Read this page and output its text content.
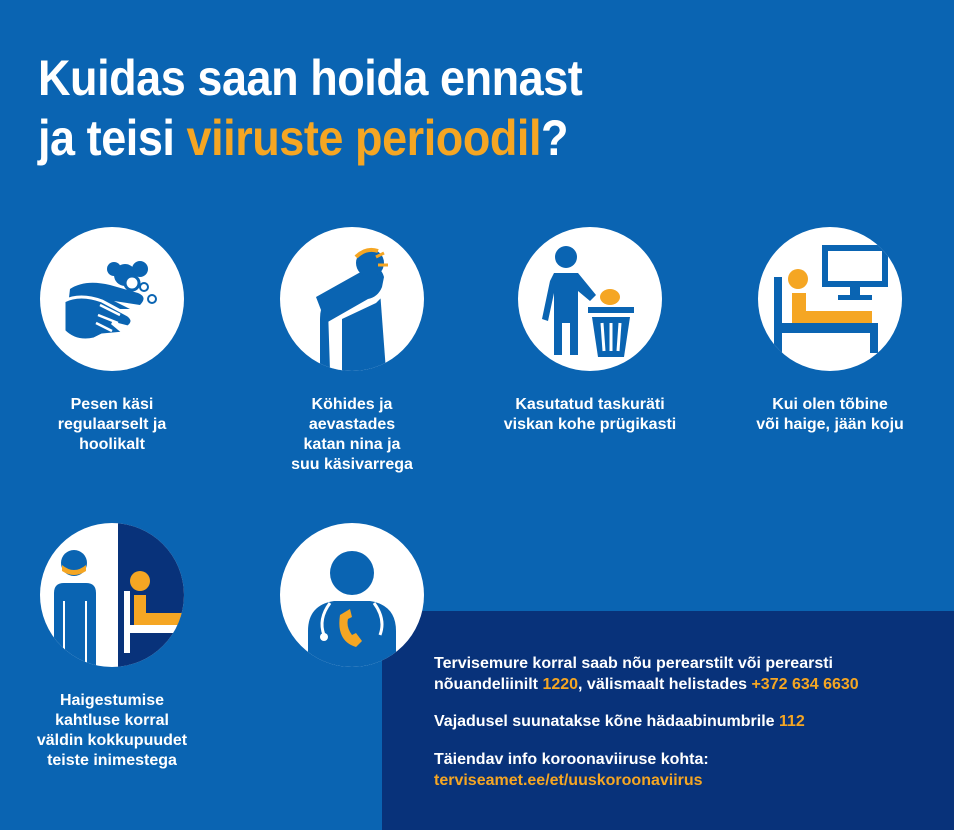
Kuidas saan hoida ennast
ja teisi viiruste perioodil?
Pesen käsi
regulaarselt ja
hoolikalt
Köhides ja
aevastades
katan nina ja
suu käsivarrega
Kasutatud taskuräti
viskan kohe prügikasti
Kui olen tõbine
või haige, jään koju
Haigestumise
kahtluse korral
väldin kokkupuudet
teiste inimestega

Tervisemure korral saab nõu perearstilt või perearsti
nõuandeliinilt 1220, välismaalt helistades +372 634 6630

Vajadusel suunatakse kõne hädaabinumbrile 112

Täiendav info koroonaviiruse kohta:
terviseamet.ee/et/uuskoroonaviirus
